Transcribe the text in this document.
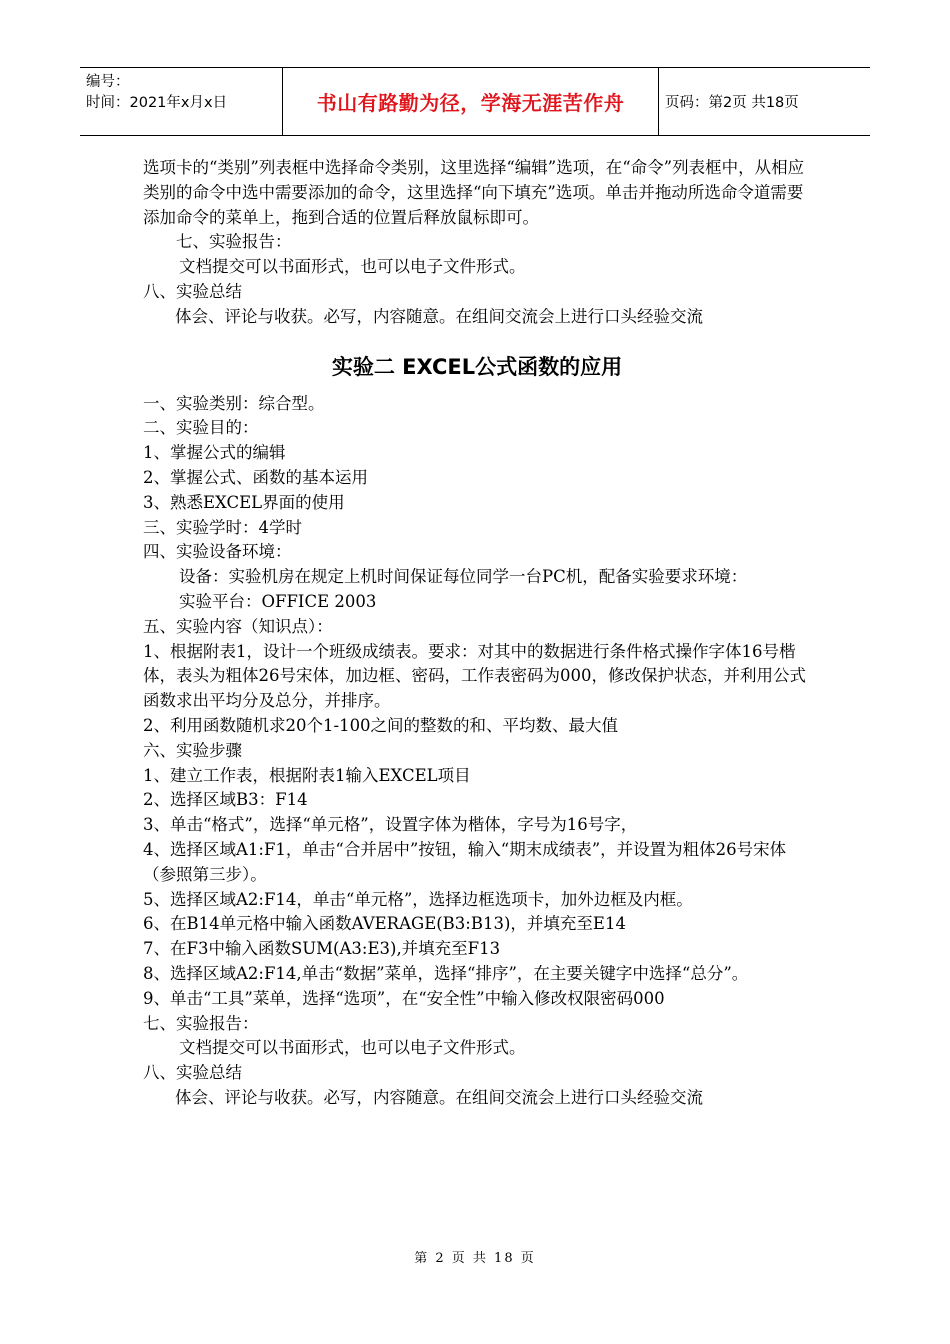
编号：
时间：2021年x月x日	书山有路勤为径，学海无涯苦作舟	页码：第2页 共18页

选项卡的“类别”列表框中选择命令类别，这里选择“编辑”选项，在“命令”列表框中，从相应类别的命令中选中需要添加的命令，这里选择“向下填充”选项。单击并拖动所选命令道需要添加命令的菜单上，拖到合适的位置后释放鼠标即可。

七、实验报告：

文档提交可以书面形式，也可以电子文件形式。

八、实验总结

体会、评论与收获。必写，内容随意。在组间交流会上进行口头经验交流

实验二 EXCEL公式函数的应用

一、实验类别：综合型。

二、实验目的：

1、掌握公式的编辑

2、掌握公式、函数的基本运用

3、熟悉EXCEL界面的使用

三、实验学时：4学时

四、实验设备环境：

设备：实验机房在规定上机时间保证每位同学一台PC机，配备实验要求环境：

实验平台：OFFICE 2003

五、实验内容（知识点）：

1、根据附表1，设计一个班级成绩表。要求：对其中的数据进行条件格式操作字体16号楷体，表头为粗体26号宋体，加边框、密码，工作表密码为000，修改保护状态，并利用公式函数求出平均分及总分，并排序。

2、利用函数随机求20个1-100之间的整数的和、平均数、最大值

六、实验步骤

1、建立工作表，根据附表1输入EXCEL项目

2、选择区域B3：F14

3、单击“格式”，选择“单元格”，设置字体为楷体，字号为16号字，

4、选择区域A1:F1，单击“合并居中”按钮，输入“期末成绩表”，并设置为粗体26号宋体（参照第三步）。

5、选择区域A2:F14，单击“单元格”，选择边框选项卡，加外边框及内框。

6、在B14单元格中输入函数AVERAGE(B3:B13)，并填充至E14

7、在F3中输入函数SUM(A3:E3),并填充至F13

8、选择区域A2:F14,单击“数据”菜单，选择“排序”，在主要关键字中选择“总分”。

9、单击“工具”菜单，选择“选项”，在“安全性”中输入修改权限密码000

七、实验报告：

文档提交可以书面形式，也可以电子文件形式。

八、实验总结

体会、评论与收获。必写，内容随意。在组间交流会上进行口头经验交流

第 2 页 共 18 页
